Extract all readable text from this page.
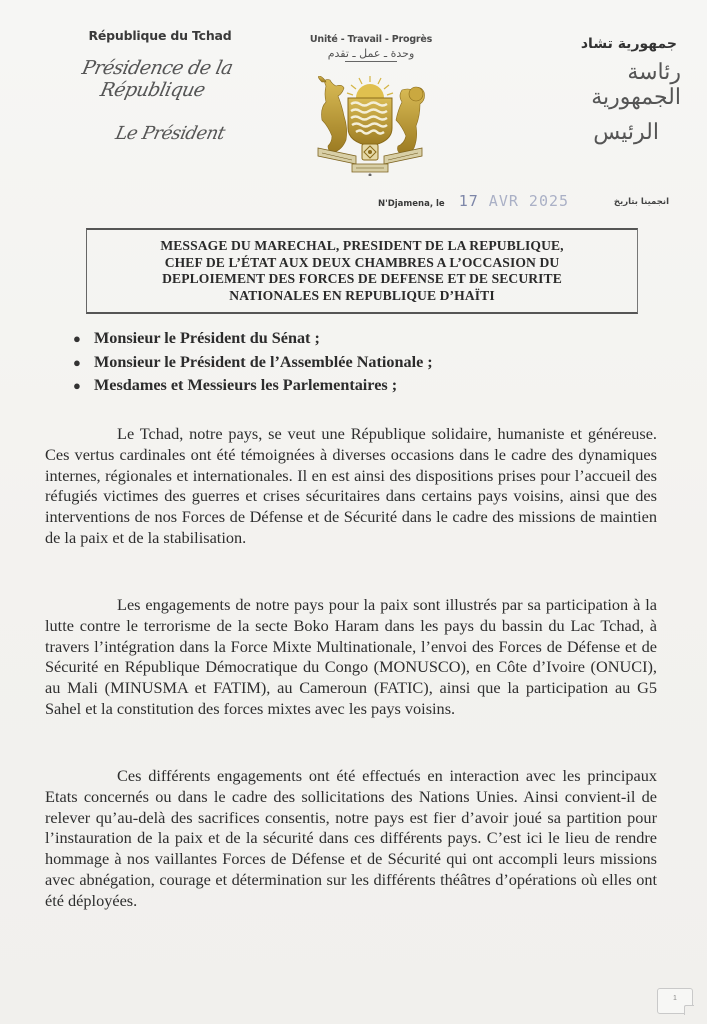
République du Tchad
Présidence de la République
Le Président
Unité - Travail - Progrès
وحدة ـ عمل ـ تقدم
جمهورية تشاد
رئاسة الجمهورية
الرئيس
N'Djamena, le 17 AVR 2025	انجمينا بتاريخ
MESSAGE DU MARECHAL, PRESIDENT DE LA REPUBLIQUE,
CHEF DE L’ÉTAT AUX DEUX CHAMBRES A L’OCCASION DU
DEPLOIEMENT DES FORCES DE DEFENSE ET DE SECURITE
NATIONALES EN REPUBLIQUE D’HAÏTI
● Monsieur le Président du Sénat ;
● Monsieur le Président de l’Assemblée Nationale ;
● Mesdames et Messieurs les Parlementaires ;

Le Tchad, notre pays, se veut une République solidaire, humaniste et généreuse. Ces vertus cardinales ont été témoignées à diverses occasions dans le cadre des dynamiques internes, régionales et internationales. Il en est ainsi des dispositions prises pour l’accueil des réfugiés victimes des guerres et crises sécuritaires dans certains pays voisins, ainsi que des interventions de nos Forces de Défense et de Sécurité dans le cadre des missions de maintien de la paix et de la stabilisation.

Les engagements de notre pays pour la paix sont illustrés par sa participation à la lutte contre le terrorisme de la secte Boko Haram dans les pays du bassin du Lac Tchad, à travers l’intégration dans la Force Mixte Multinationale, l’envoi des Forces de Défense et de Sécurité en République Démocratique du Congo (MONUSCO), en Côte d’Ivoire (ONUCI), au Mali (MINUSMA et FATIM), au Cameroun (FATIC), ainsi que la participation au G5 Sahel et la constitution des forces mixtes avec les pays voisins.

Ces différents engagements ont été effectués en interaction avec les principaux Etats concernés ou dans le cadre des sollicitations des Nations Unies. Ainsi convient-il de relever qu’au-delà des sacrifices consentis, notre pays est fier d’avoir joué sa partition pour l’instauration de la paix et de la sécurité dans ces différents pays. C’est ici le lieu de rendre hommage à nos vaillantes Forces de Défense et de Sécurité qui ont accompli leurs missions avec abnégation, courage et détermination sur les différents théâtres d’opérations où elles ont été déployées.

1
